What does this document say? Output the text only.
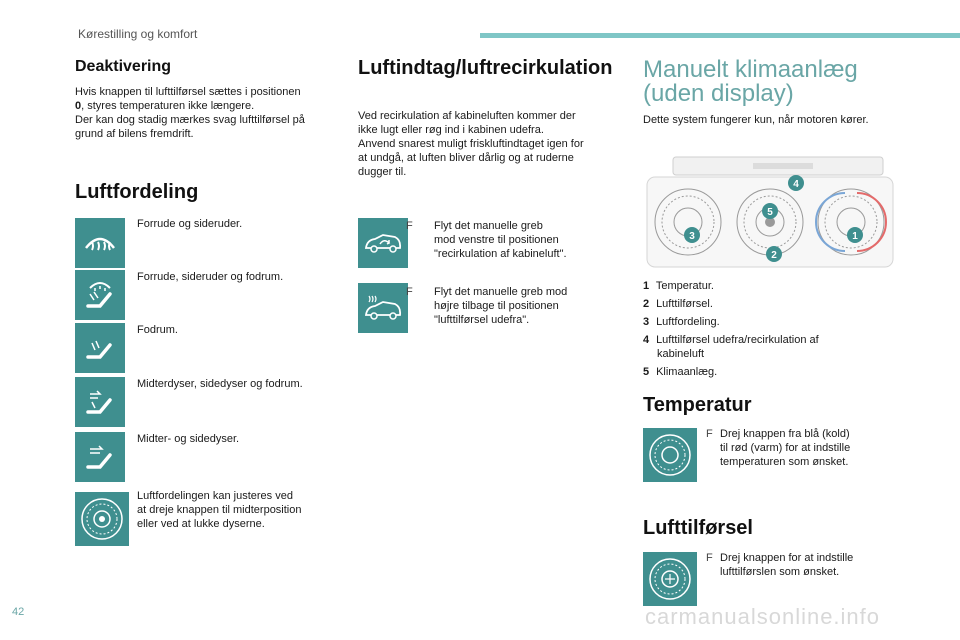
Kørestilling og komfort
Deaktivering
Hvis knappen til lufttilførsel sættes i positionen
0, styres temperaturen ikke længere.
Der kan dog stadig mærkes svag lufttilførsel på
grund af bilens fremdrift.
Luftfordeling
Forrude og sideruder.
Forrude, sideruder og fodrum.
Fodrum.
Midterdyser, sidedyser og fodrum.
Midter- og sidedyser.
Luftfordelingen kan justeres ved
at dreje knappen til midterposition
eller ved at lukke dyserne.
Luftindtag/luftrecirkulation
Ved recirkulation af kabineluften kommer der
ikke lugt eller røg ind i kabinen udefra.
Anvend snarest muligt friskluftindtaget igen for
at undgå, at luften bliver dårlig og at ruderne
dugger til.
F Flyt det manuelle greb
mod venstre til positionen
"recirkulation af kabineluft".
F Flyt det manuelle greb mod
højre tilbage til positionen
"lufttilførsel udefra".
Manuelt klimaanlæg
(uden display)
Dette system fungerer kun, når motoren kører.
1
2
3
4
5
1 Temperatur.
2 Lufttilførsel.
3 Luftfordeling.
4 Lufttilførsel udefra/recirkulation af
kabineluft
5 Klimaanlæg.
Temperatur
F Drej knappen fra blå (kold)
til rød (varm) for at indstille
temperaturen som ønsket.
Lufttilførsel
F Drej knappen for at indstille
lufttilførslen som ønsket.
42	carmanualsonline.info
